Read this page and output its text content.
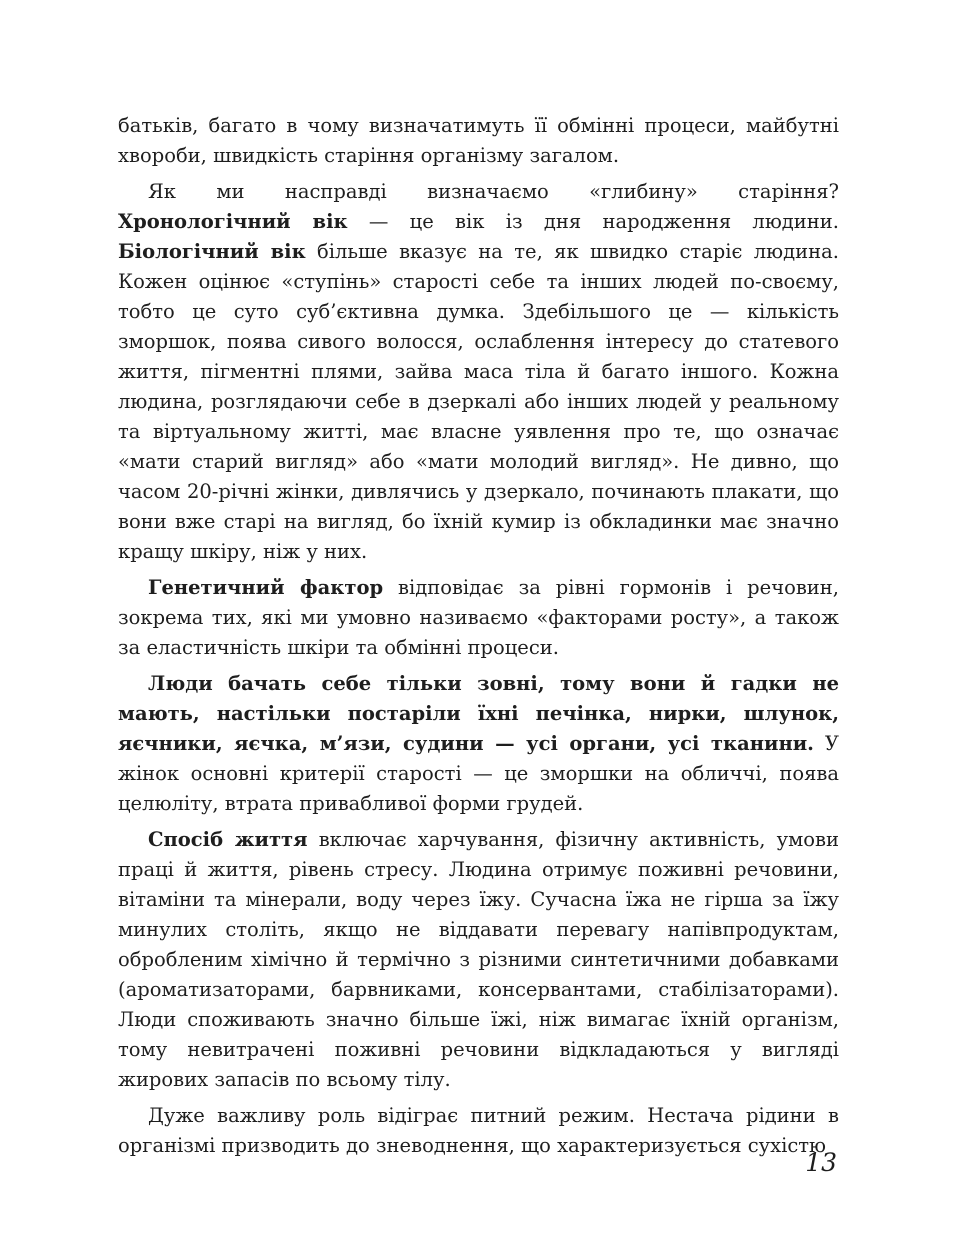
батьків, багато в чому визначатимуть її обмінні процеси, майбутні хвороби, швидкість старіння організму загалом.

Як ми насправді визначаємо «глибину» старіння? Хронологічний вік — це вік із дня народження людини. Біологічний вік більше вказує на те, як швидко старіє людина. Кожен оцінює «ступінь» старості себе та інших людей по-своєму, тобто це суто суб’єктивна думка. Здебільшого це — кількість зморшок, поява сивого волосся, ослаблення інтересу до статевого життя, пігментні плями, зайва маса тіла й багато іншого. Кожна людина, розглядаючи себе в дзеркалі або інших людей у реальному та віртуальному житті, має власне уявлення про те, що означає «мати старий вигляд» або «мати молодий вигляд». Не дивно, що часом 20-річні жінки, дивлячись у дзеркало, починають плакати, що вони вже старі на вигляд, бо їхній кумир із обкладинки має значно кращу шкіру, ніж у них.

Генетичний фактор відповідає за рівні гормонів і речовин, зокрема тих, які ми умовно називаємо «факторами росту», а також за еластичність шкіри та обмінні процеси.

Люди бачать себе тільки зовні, тому вони й гадки не мають, настільки постаріли їхні печінка, нирки, шлунок, яєчники, яєчка, м’язи, судини — усі органи, усі тканини. У жінок основні критерії старості — це зморшки на обличчі, поява целюліту, втрата привабливої форми грудей.

Спосіб життя включає харчування, фізичну активність, умови праці й життя, рівень стресу. Людина отримує поживні речовини, вітаміни та мінерали, воду через їжу. Сучасна їжа не гірша за їжу минулих століть, якщо не віддавати перевагу напівпродуктам, обробленим хімічно й термічно з різними синтетичними добавками (ароматизаторами, барвниками, консервантами, стабілізаторами). Люди споживають значно більше їжі, ніж вимагає їхній організм, тому невитрачені поживні речовини відкладаються у вигляді жирових запасів по всьому тілу.

Дуже важливу роль відіграє питний режим. Нестача рідини в організмі призводить до зневоднення, що характеризується сухістю

13
